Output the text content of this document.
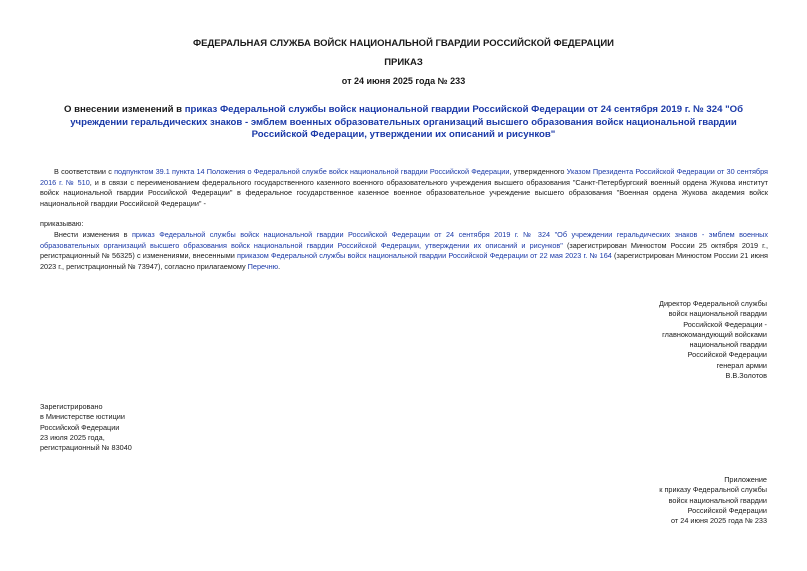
ФЕДЕРАЛЬНАЯ СЛУЖБА ВОЙСК НАЦИОНАЛЬНОЙ ГВАРДИИ РОССИЙСКОЙ ФЕДЕРАЦИИ
ПРИКАЗ
от 24 июня 2025 года № 233
О внесении изменений в приказ Федеральной службы войск национальной гвардии Российской Федерации от 24 сентября 2019 г. № 324 "Об учреждении геральдических знаков - эмблем военных образовательных организаций высшего образования войск национальной гвардии Российской Федерации, утверждении их описаний и рисунков"
В соответствии с подпунктом 39.1 пункта 14 Положения о Федеральной службе войск национальной гвардии Российской Федерации, утвержденного Указом Президента Российской Федерации от 30 сентября 2016 г. № 510, и в связи с переименованием федерального государственного казенного военного образовательного учреждения высшего образования "Санкт-Петербургский военный ордена Жукова институт войск национальной гвардии Российской Федерации" в федеральное государственное казенное военное образовательное учреждение высшего образования "Военная ордена Жукова академия войск национальной гвардии Российской Федерации" -
приказываю:
Внести изменения в приказ Федеральной службы войск национальной гвардии Российской Федерации от 24 сентября 2019 г. № 324 "Об учреждении геральдических знаков - эмблем военных образовательных организаций высшего образования войск национальной гвардии Российской Федерации, утверждении их описаний и рисунков" (зарегистрирован Минюстом России 25 октября 2019 г., регистрационный № 56325) с изменениями, внесенными приказом Федеральной службы войск национальной гвардии Российской Федерации от 22 мая 2023 г. № 164 (зарегистрирован Минюстом России 21 июня 2023 г., регистрационный № 73947), согласно прилагаемому Перечню.
Директор Федеральной службы
войск национальной гвардии
Российской Федерации -
главнокомандующий войсками
национальной гвардии
Российской Федерации
генерал армии
В.В.Золотов
Зарегистрировано
в Министерстве юстиции
Российской Федерации
23 июля 2025 года,
регистрационный № 83040
Приложение
к приказу Федеральной службы
войск национальной гвардии
Российской Федерации
от 24 июня 2025 года № 233
